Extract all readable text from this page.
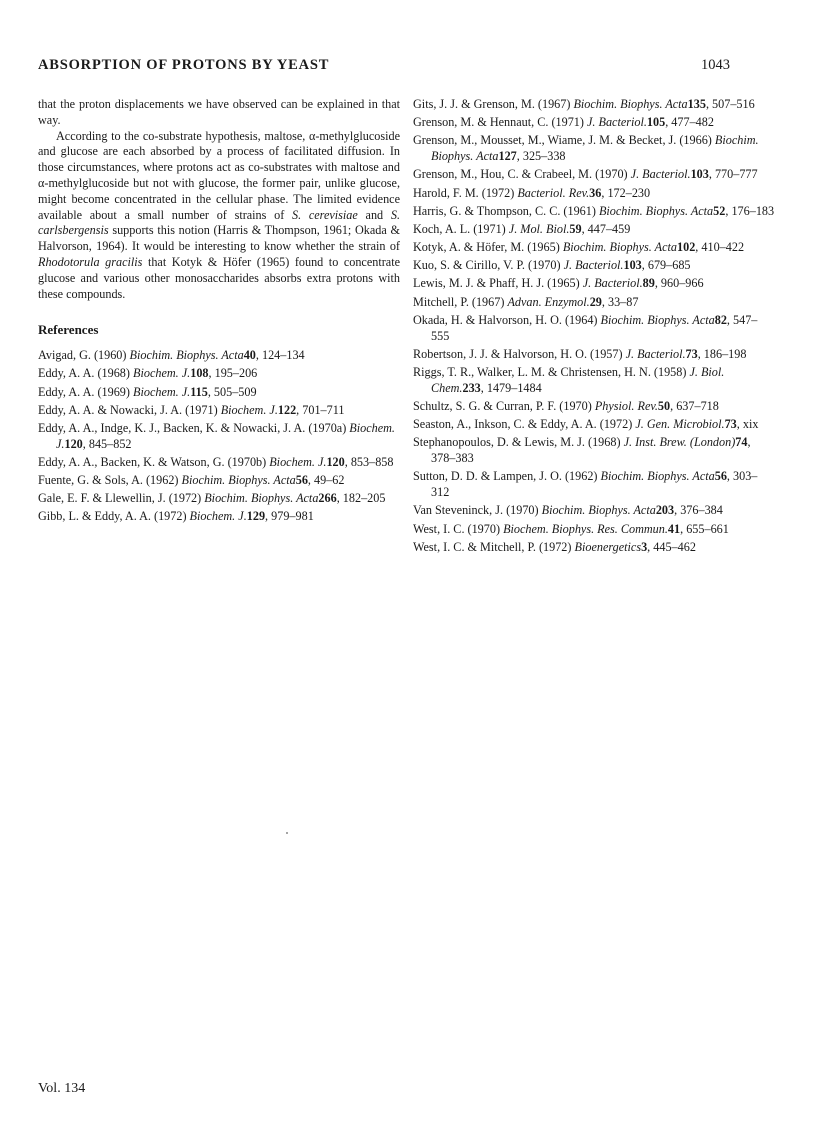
ABSORPTION OF PROTONS BY YEAST	1043

that the proton displacements we have observed can be explained in that way.

According to the co-substrate hypothesis, maltose, α-methylglucoside and glucose are each absorbed by a process of facilitated diffusion. In those circumstances, where protons act as co-substrates with maltose and α-methylglucoside but not with glucose, the former pair, unlike glucose, might become concentrated in the cellular phase. The limited evidence available about a small number of strains of S. cerevisiae and S. carlsbergensis supports this notion (Harris & Thompson, 1961; Okada & Halvorson, 1964). It would be interesting to know whether the strain of Rhodotorula gracilis that Kotyk & Höfer (1965) found to concentrate glucose and various other monosaccharides absorbs extra protons with these compounds.

References

Avigad, G. (1960) Biochim. Biophys. Acta40, 124–134

Eddy, A. A. (1968) Biochem. J.108, 195–206

Eddy, A. A. (1969) Biochem. J.115, 505–509

Eddy, A. A. & Nowacki, J. A. (1971) Biochem. J.122, 701–711

Eddy, A. A., Indge, K. J., Backen, K. & Nowacki, J. A. (1970a) Biochem. J.120, 845–852

Eddy, A. A., Backen, K. & Watson, G. (1970b) Biochem. J.120, 853–858

Fuente, G. & Sols, A. (1962) Biochim. Biophys. Acta56, 49–62

Gale, E. F. & Llewellin, J. (1972) Biochim. Biophys. Acta266, 182–205

Gibb, L. & Eddy, A. A. (1972) Biochem. J.129, 979–981

Gits, J. J. & Grenson, M. (1967) Biochim. Biophys. Acta135, 507–516

Grenson, M. & Hennaut, C. (1971) J. Bacteriol.105, 477–482

Grenson, M., Mousset, M., Wiame, J. M. & Becket, J. (1966) Biochim. Biophys. Acta127, 325–338

Grenson, M., Hou, C. & Crabeel, M. (1970) J. Bacteriol.103, 770–777

Harold, F. M. (1972) Bacteriol. Rev.36, 172–230

Harris, G. & Thompson, C. C. (1961) Biochim. Biophys. Acta52, 176–183

Koch, A. L. (1971) J. Mol. Biol.59, 447–459

Kotyk, A. & Höfer, M. (1965) Biochim. Biophys. Acta102, 410–422

Kuo, S. & Cirillo, V. P. (1970) J. Bacteriol.103, 679–685

Lewis, M. J. & Phaff, H. J. (1965) J. Bacteriol.89, 960–966

Mitchell, P. (1967) Advan. Enzymol.29, 33–87

Okada, H. & Halvorson, H. O. (1964) Biochim. Biophys. Acta82, 547–555

Robertson, J. J. & Halvorson, H. O. (1957) J. Bacteriol.73, 186–198

Riggs, T. R., Walker, L. M. & Christensen, H. N. (1958) J. Biol. Chem.233, 1479–1484

Schultz, S. G. & Curran, P. F. (1970) Physiol. Rev.50, 637–718

Seaston, A., Inkson, C. & Eddy, A. A. (1972) J. Gen. Microbiol.73, xix

Stephanopoulos, D. & Lewis, M. J. (1968) J. Inst. Brew. (London)74, 378–383

Sutton, D. D. & Lampen, J. O. (1962) Biochim. Biophys. Acta56, 303–312

Van Steveninck, J. (1970) Biochim. Biophys. Acta203, 376–384

West, I. C. (1970) Biochem. Biophys. Res. Commun.41, 655–661

West, I. C. & Mitchell, P. (1972) Bioenergetics3, 445–462

Vol. 134
